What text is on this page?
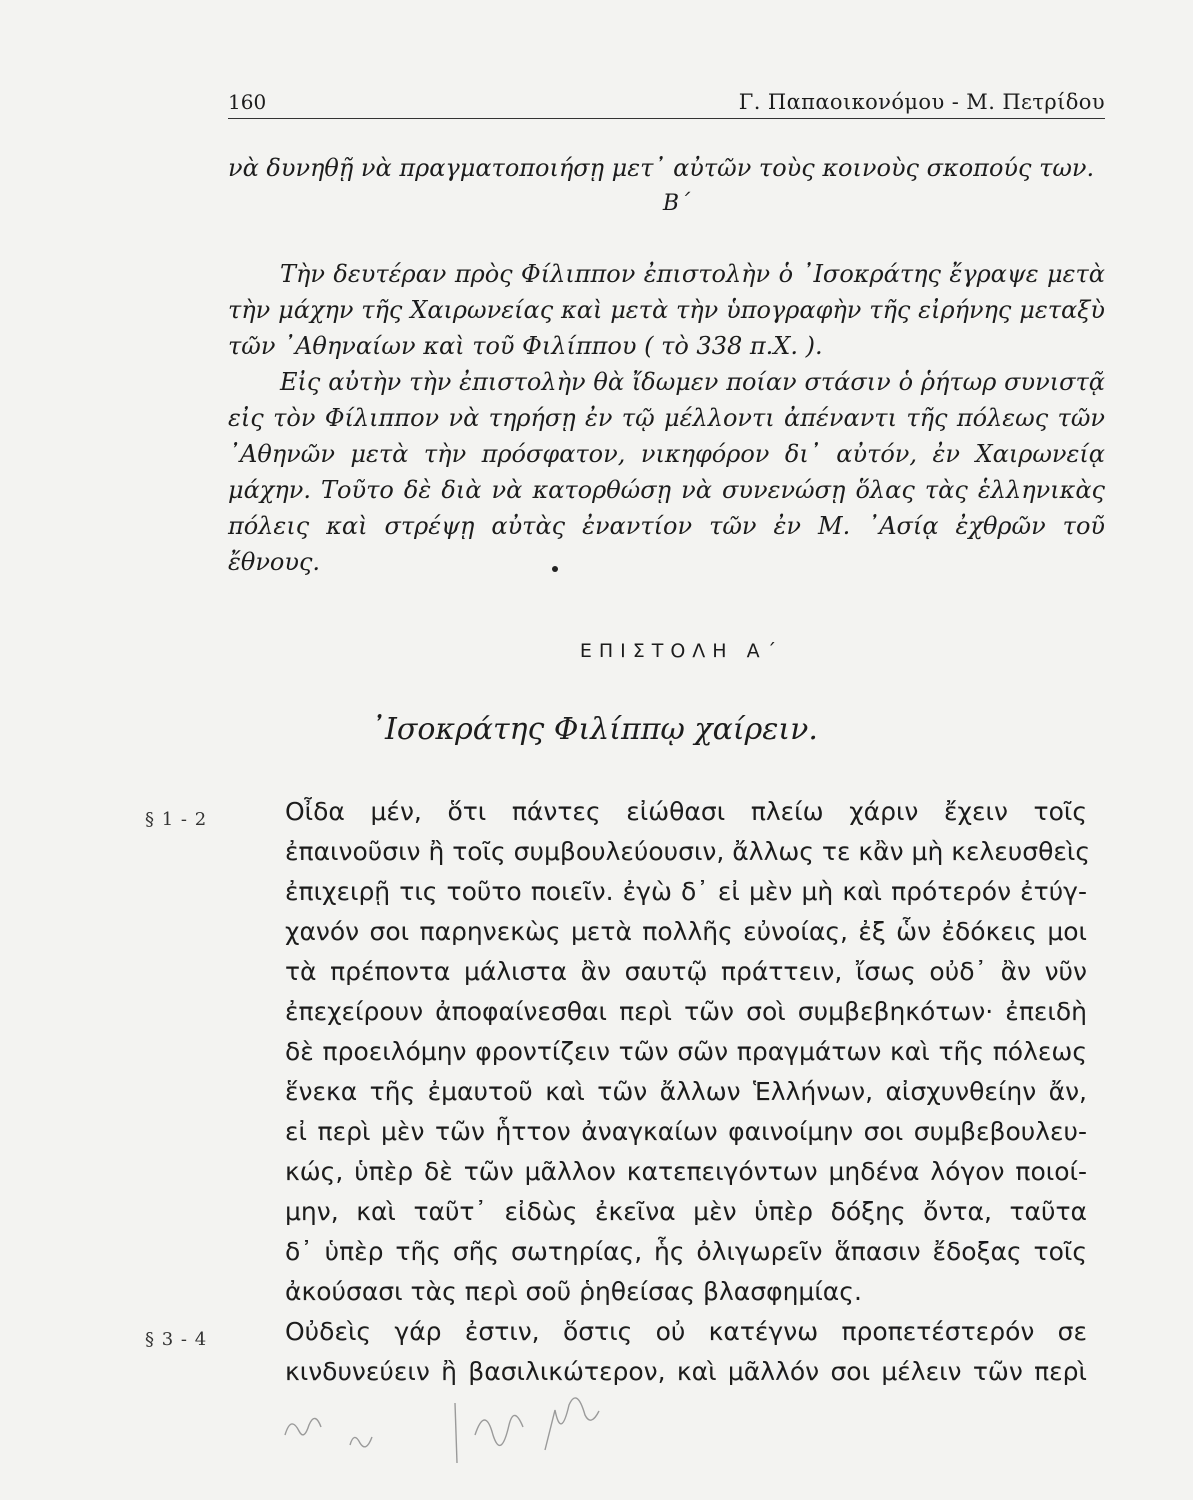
160	Γ. Παπαοικονόμου - Μ. Πετρίδου

νὰ δυνηθῇ νὰ πραγματοποιήσῃ μετ᾽ αὐτῶν τοὺς κοινοὺς σκοπούς των.

Β΄

Τὴν δευτέραν πρὸς Φίλιππον ἐπιστολὴν ὁ ᾽Ισοκράτης ἔγραψε μετὰ τὴν μάχην τῆς Χαιρωνείας καὶ μετὰ τὴν ὑπογραφὴν τῆς εἰρήνης μεταξὺ τῶν ᾽Αθηναίων καὶ τοῦ Φιλίππου ( τὸ 338 π.Χ. ).

Εἰς αὐτὴν τὴν ἐπιστολὴν θὰ ἴδωμεν ποίαν στάσιν ὁ ῥήτωρ συνιστᾷ εἰς τὸν Φίλιππον νὰ τηρήσῃ ἐν τῷ μέλλοντι ἀπέναντι τῆς πόλεως τῶν ᾽Αθηνῶν μετὰ τὴν πρόσφατον, νικηφόρον δι᾽ αὐτόν, ἐν Χαιρωνείᾳ μάχην. Τοῦτο δὲ διὰ νὰ κατορθώσῃ νὰ συνενώσῃ ὅλας τὰς ἑλληνικὰς πόλεις καὶ στρέψῃ αὐτὰς ἐναντίον τῶν ἐν Μ. ᾽Ασίᾳ ἐχθρῶν τοῦ ἔθνους.

ΕΠΙΣΤΟΛΗ Α΄
᾽Ισοκράτης Φιλίππῳ χαίρειν.
§ 1 - 2	Οἶδα μέν, ὅτι πάντες εἰώθασι πλείω χάριν ἔχειν τοῖς
ἐπαινοῦσιν ἢ τοῖς συμβουλεύουσιν, ἄλλως τε κἂν μὴ κελευσθεὶς
ἐπιχειρῇ τις τοῦτο ποιεῖν. ἐγὼ δ᾽ εἰ μὲν μὴ καὶ πρότερόν ἐτύγ-
χανόν σοι παρηνεκὼς μετὰ πολλῆς εὐνοίας, ἐξ ὧν ἐδόκεις μοι
τὰ πρέποντα μάλιστα ἂν σαυτῷ πράττειν, ἴσως οὐδ᾽ ἂν νῦν
ἐπεχείρουν ἀποφαίνεσθαι περὶ τῶν σοὶ συμβεβηκότων· ἐπειδὴ
δὲ προειλόμην φροντίζειν τῶν σῶν πραγμάτων καὶ τῆς πόλεως
ἕνεκα τῆς ἐμαυτοῦ καὶ τῶν ἄλλων Ἑλλήνων, αἰσχυνθείην ἄν,
εἰ περὶ μὲν τῶν ἧττον ἀναγκαίων φαινοίμην σοι συμβεβουλευ-
κώς, ὑπὲρ δὲ τῶν μᾶλλον κατεπειγόντων μηδένα λόγον ποιοί-
μην, καὶ ταῦτ᾽ εἰδὼς ἐκεῖνα μὲν ὑπὲρ δόξης ὄντα, ταῦτα
δ᾽ ὑπὲρ τῆς σῆς σωτηρίας, ἧς ὀλιγωρεῖν ἅπασιν ἔδοξας τοῖς
ἀκούσασι τὰς περὶ σοῦ ῥηθείσας βλασφημίας.
§ 3 - 4	Οὐδεὶς γάρ ἐστιν, ὅστις οὐ κατέγνω προπετέστερόν σε
κινδυνεύειν ἢ βασιλικώτερον, καὶ μᾶλλόν σοι μέλειν τῶν περὶ
